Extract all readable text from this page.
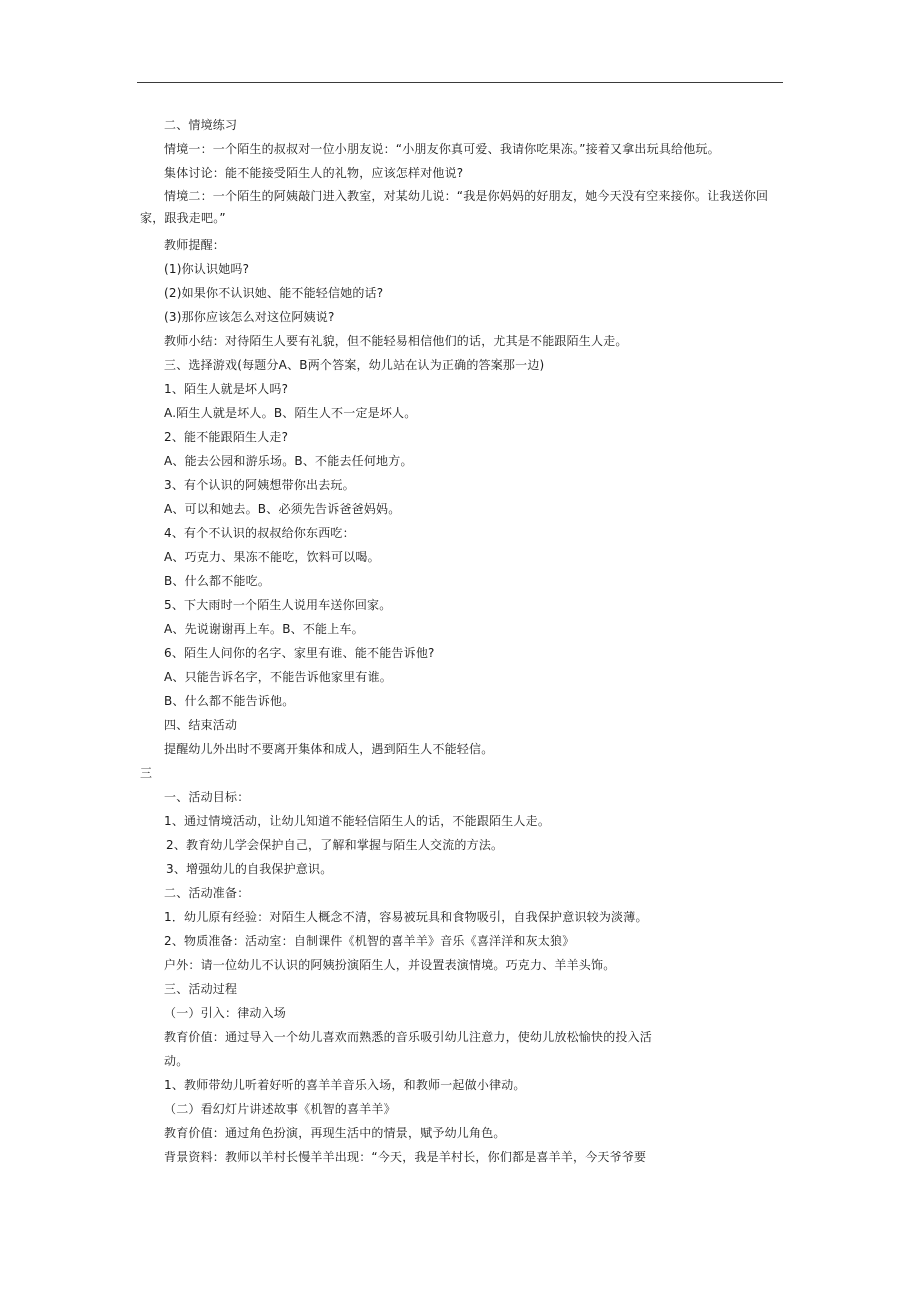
二、情境练习
情境一：一个陌生的叔叔对一位小朋友说：“小朋友你真可爱、我请你吃果冻。”接着又拿出玩具给他玩。
集体讨论：能不能接受陌生人的礼物，应该怎样对他说?
情境二：一个陌生的阿姨敲门进入教室，对某幼儿说：“我是你妈妈的好朋友，她今天没有空来接你。让我送你回家，跟我走吧。”
教师提醒：
(1)你认识她吗?
(2)如果你不认识她、能不能轻信她的话?
(3)那你应该怎么对这位阿姨说?
教师小结：对待陌生人要有礼貌，但不能轻易相信他们的话，尤其是不能跟陌生人走。
三、选择游戏(每题分A、B两个答案，幼儿站在认为正确的答案那一边)
1、陌生人就是坏人吗?
A.陌生人就是坏人。B、陌生人不一定是坏人。
2、能不能跟陌生人走?
A、能去公园和游乐场。B、不能去任何地方。
3、有个认识的阿姨想带你出去玩。
A、可以和她去。B、必须先告诉爸爸妈妈。
4、有个不认识的叔叔给你东西吃：
A、巧克力、果冻不能吃，饮料可以喝。
B、什么都不能吃。
5、下大雨时一个陌生人说用车送你回家。
A、先说谢谢再上车。B、不能上车。
6、陌生人问你的名字、家里有谁、能不能告诉他?
A、只能告诉名字，不能告诉他家里有谁。
B、什么都不能告诉他。
四、结束活动
提醒幼儿外出时不要离开集体和成人，遇到陌生人不能轻信。
三
一、活动目标：
1、通过情境活动，让幼儿知道不能轻信陌生人的话，不能跟陌生人走。
2、教育幼儿学会保护自己，了解和掌握与陌生人交流的方法。
3、增强幼儿的自我保护意识。
二、活动准备：
1．幼儿原有经验：对陌生人概念不清，容易被玩具和食物吸引，自我保护意识较为淡薄。
2、物质准备：活动室：自制课件《机智的喜羊羊》音乐《喜洋洋和灰太狼》
户外：请一位幼儿不认识的阿姨扮演陌生人，并设置表演情境。巧克力、羊羊头饰。
三、活动过程
（一）引入：律动入场
教育价值：通过导入一个幼儿喜欢而熟悉的音乐吸引幼儿注意力，使幼儿放松愉快的投入活
动。
1、教师带幼儿听着好听的喜羊羊音乐入场，和教师一起做小律动。
（二）看幻灯片讲述故事《机智的喜羊羊》
教育价值：通过角色扮演，再现生活中的情景，赋予幼儿角色。
背景资料：教师以羊村长慢羊羊出现：“今天，我是羊村长，你们都是喜羊羊，今天爷爷要
